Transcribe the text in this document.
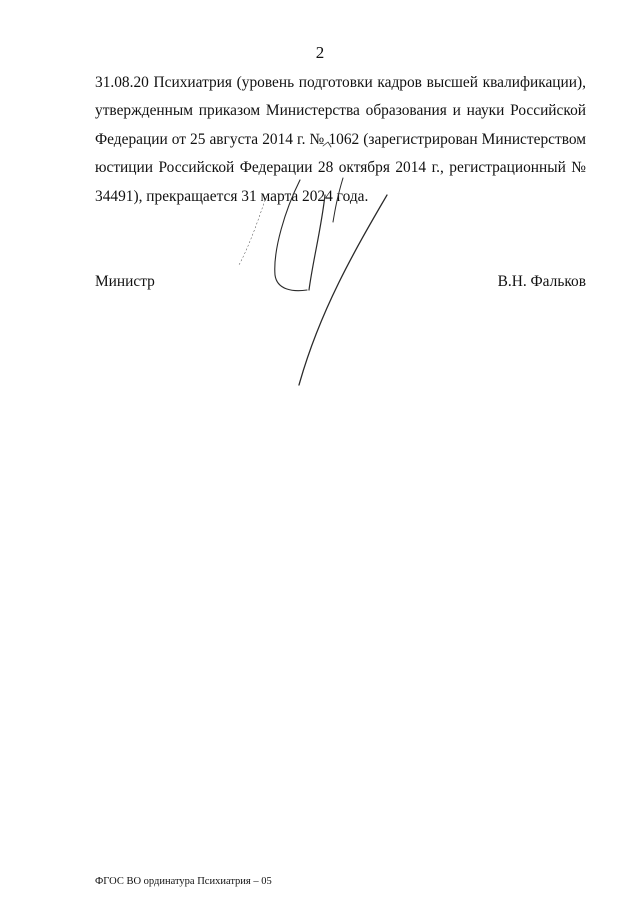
2

31.08.20 Психиатрия (уровень подготовки кадров высшей квалификации), утвержденным приказом Министерства образования и науки Российской Федерации от 25 августа 2014 г. № 1062 (зарегистрирован Министерством юстиции Российской Федерации 28 октября 2014 г., регистрационный № 34491), прекращается 31 марта 2024 года.

Министр	В.Н. Фальков
ФГОС ВО ординатура Психиатрия – 05
